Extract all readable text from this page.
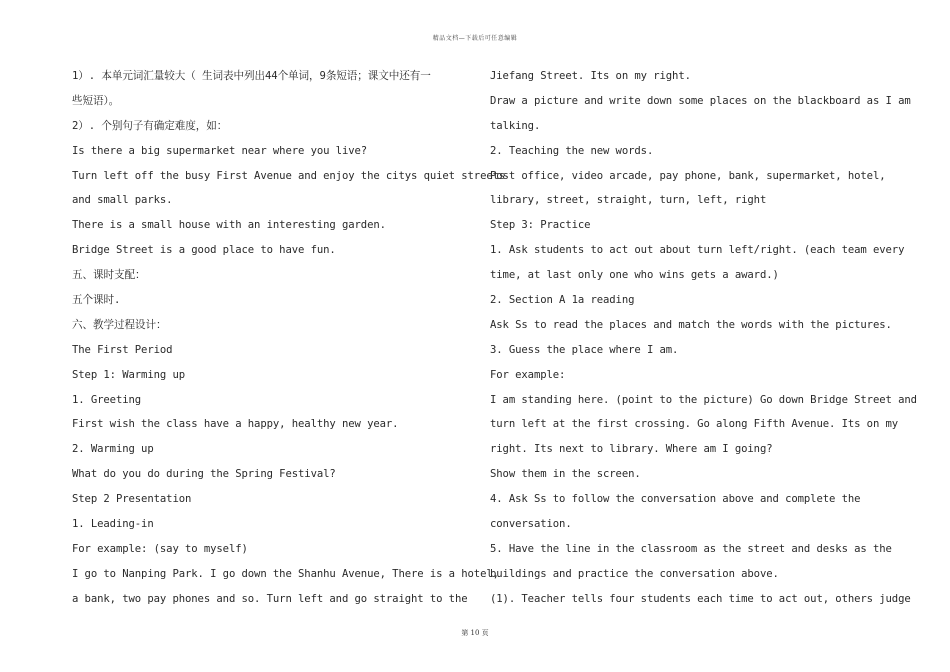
精品文档—下载后可任意编辑
1）. 本单元词汇量较大（ 生词表中列出44个单词，9条短语；课文中还有一
些短语）。
2）. 个别句子有确定难度，如：
Is there a big supermarket near where you live?
Turn left off the busy First Avenue and enjoy the citys quiet streets
and small parks.
There is a small house with an interesting garden.
Bridge Street is a good place to have fun.
五、课时支配：
五个课时.
六、教学过程设计：
The First Period
Step 1: Warming up
1. Greeting
First wish the class have a happy, healthy new year.
2. Warming up
What do you do during the Spring Festival?
Step 2 Presentation
1. Leading-in
For example: (say to myself)
I go to Nanping Park. I go down the Shanhu Avenue, There is a hotel,
a bank, two pay phones and so. Turn left and go straight to the
Jiefang Street. Its on my right.
Draw a picture and write down some places on the blackboard as I am
talking.
2. Teaching the new words.
Post office, video arcade, pay phone, bank, supermarket, hotel,
library, street, straight, turn, left, right
Step 3: Practice
1. Ask students to act out about turn left/right. (each team every
time, at last only one who wins gets a award.)
2. Section A 1a reading
Ask Ss to read the places and match the words with the pictures.
3. Guess the place where I am.
For example:
I am standing here. (point to the picture) Go down Bridge Street and
turn left at the first crossing. Go along Fifth Avenue. Its on my
right. Its next to library. Where am I going?
Show them in the screen.
4. Ask Ss to follow the conversation above and complete the
conversation.
5. Have the line in the classroom as the street and desks as the
buildings and practice the conversation above.
(1). Teacher tells four students each time to act out, others judge
第 10 页
